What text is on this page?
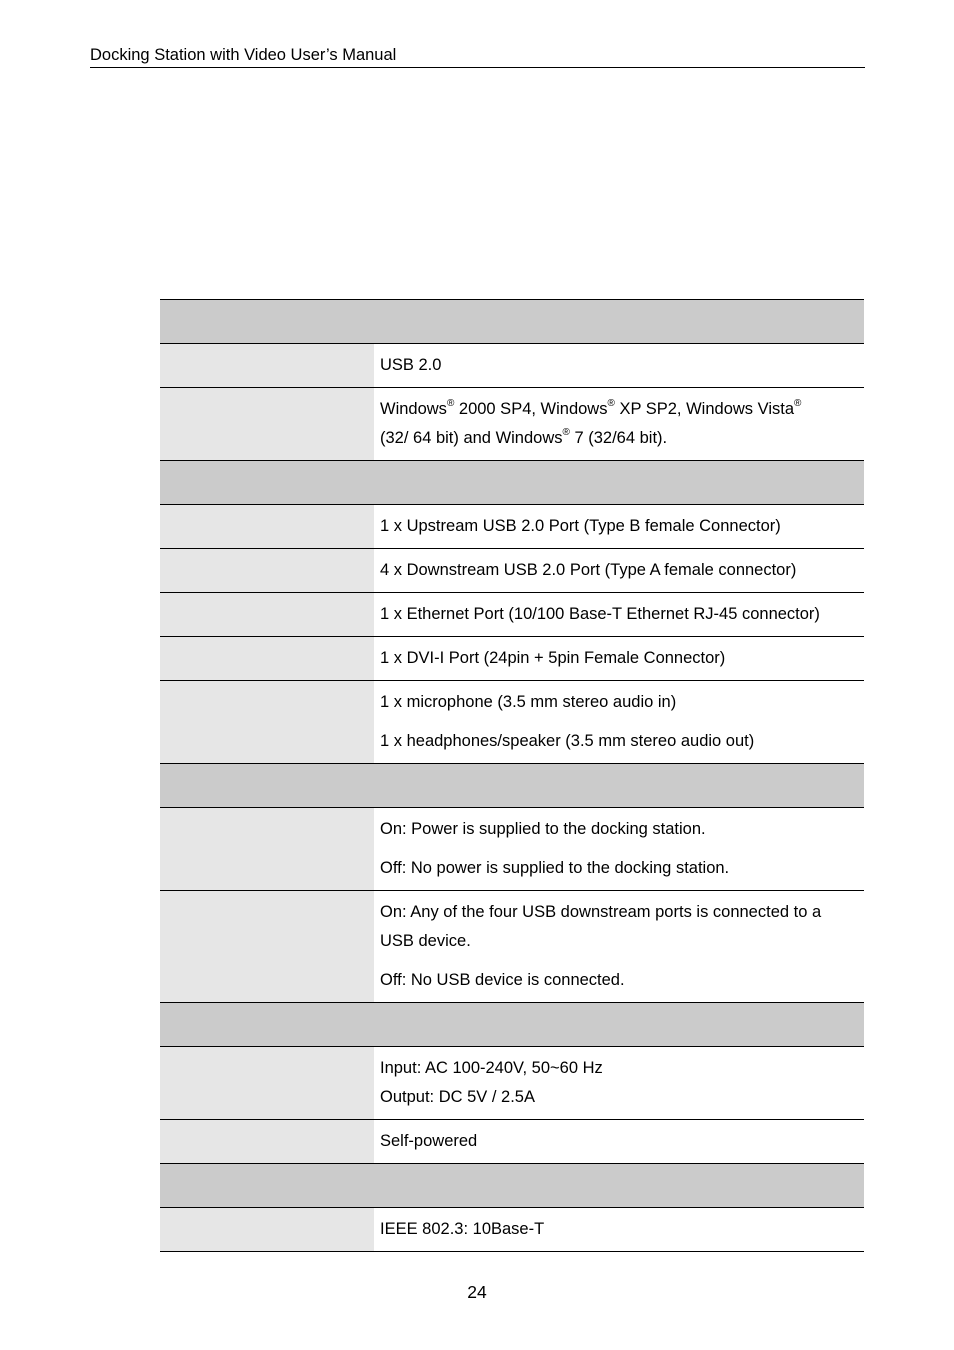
Docking Station with Video User’s Manual

	USB 2.0

	Windows® 2000 SP4, Windows® XP SP2, Windows Vista®
(32/ 64 bit) and Windows® 7 (32/64 bit).

	1 x Upstream USB 2.0 Port (Type B female Connector)

	4 x Downstream USB 2.0 Port (Type A female connector)

	1 x Ethernet Port (10/100 Base-T Ethernet RJ-45 connector)

	1 x DVI-I Port (24pin + 5pin Female Connector)

	1 x microphone (3.5 mm stereo audio in)

1 x headphones/speaker (3.5 mm stereo audio out)

	On: Power is supplied to the docking station.

Off: No power is supplied to the docking station.

	On: Any of the four USB downstream ports is connected to a USB device.

Off: No USB device is connected.

	Input: AC 100-240V, 50~60 Hz

Output: DC 5V / 2.5A

	Self-powered

	IEEE 802.3: 10Base-T

24
